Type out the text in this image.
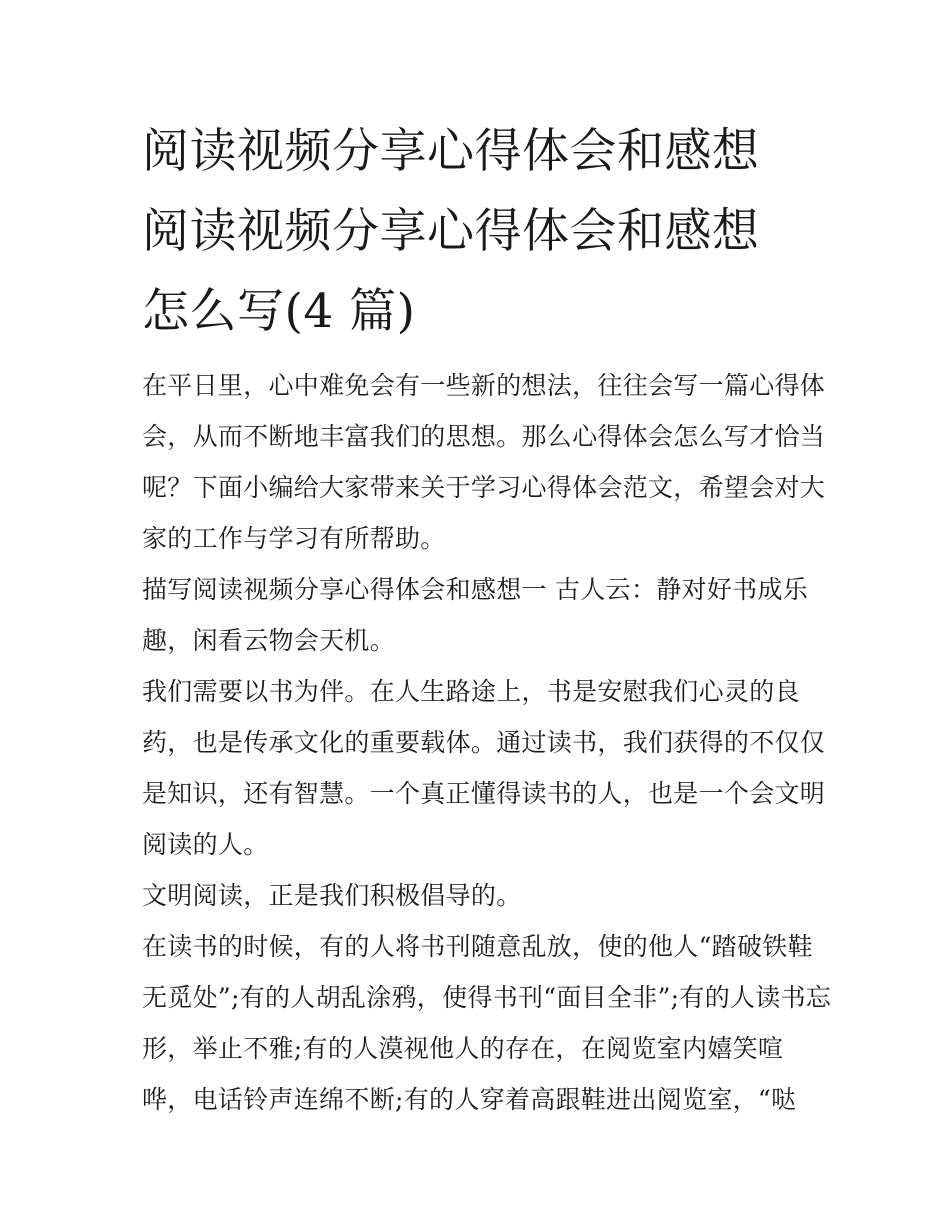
阅读视频分享心得体会和感想
阅读视频分享心得体会和感想
怎么写(4 篇)

在平日里，心中难免会有一些新的想法，往往会写一篇心得体

会，从而不断地丰富我们的思想。那么心得体会怎么写才恰当

呢？下面小编给大家带来关于学习心得体会范文，希望会对大

家的工作与学习有所帮助。

描写阅读视频分享心得体会和感想一 古人云：静对好书成乐

趣，闲看云物会天机。

我们需要以书为伴。在人生路途上，书是安慰我们心灵的良

药，也是传承文化的重要载体。通过读书，我们获得的不仅仅

是知识，还有智慧。一个真正懂得读书的人，也是一个会文明

阅读的人。

文明阅读，正是我们积极倡导的。

在读书的时候，有的人将书刊随意乱放，使的他人“踏破铁鞋

无觅处”;有的人胡乱涂鸦，使得书刊“面目全非”;有的人读书忘

形，举止不雅;有的人漠视他人的存在，在阅览室内嬉笑喧

哗，电话铃声连绵不断;有的人穿着高跟鞋进出阅览室，“哒
